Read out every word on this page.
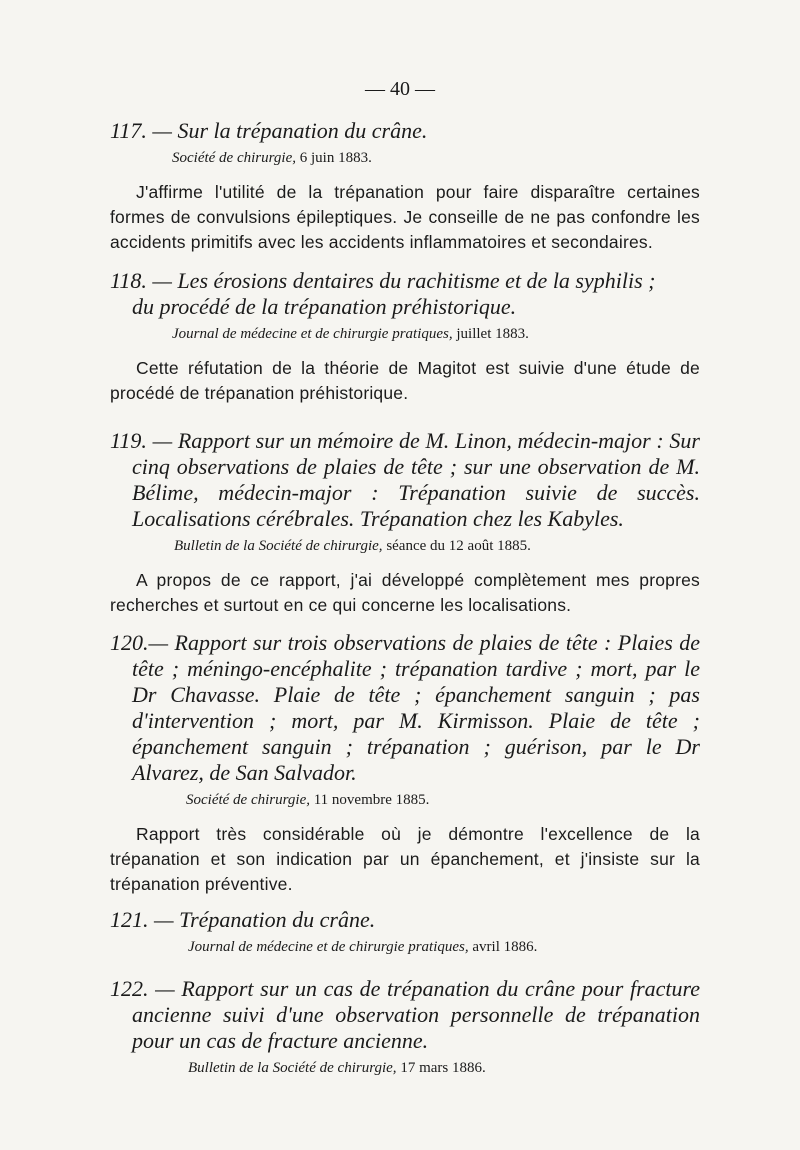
— 40 —
117. — Sur la trépanation du crâne.
Société de chirurgie, 6 juin 1883.
J'affirme l'utilité de la trépanation pour faire disparaître certaines formes de convulsions épileptiques. Je conseille de ne pas confondre les accidents primitifs avec les accidents inflammatoires et secondaires.
118. — Les érosions dentaires du rachitisme et de la syphilis ;
du procédé de la trépanation préhistorique.
Journal de médecine et de chirurgie pratiques, juillet 1883.
Cette réfutation de la théorie de Magitot est suivie d'une étude de procédé de trépanation préhistorique.
119. — Rapport sur un mémoire de M. Linon, médecin-major : Sur cinq observations de plaies de tête ; sur une observation de M. Bélime, médecin-major : Trépanation suivie de succès. Localisations cérébrales. Trépanation chez les Kabyles.
Bulletin de la Société de chirurgie, séance du 12 août 1885.
A propos de ce rapport, j'ai développé complètement mes propres recherches et surtout en ce qui concerne les localisations.
120.— Rapport sur trois observations de plaies de tête : Plaies de tête ; méningo-encéphalite ; trépanation tardive ; mort, par le Dr Chavasse. Plaie de tête ; épanchement sanguin ; pas d'intervention ; mort, par M. Kirmisson. Plaie de tête ; épanchement sanguin ; trépanation ; guérison, par le Dr Alvarez, de San Salvador.
Société de chirurgie, 11 novembre 1885.
Rapport très considérable où je démontre l'excellence de la trépanation et son indication par un épanchement, et j'insiste sur la trépanation préventive.
121. — Trépanation du crâne.
Journal de médecine et de chirurgie pratiques, avril 1886.
122. — Rapport sur un cas de trépanation du crâne pour fracture ancienne suivi d'une observation personnelle de trépanation pour un cas de fracture ancienne.
Bulletin de la Société de chirurgie, 17 mars 1886.
